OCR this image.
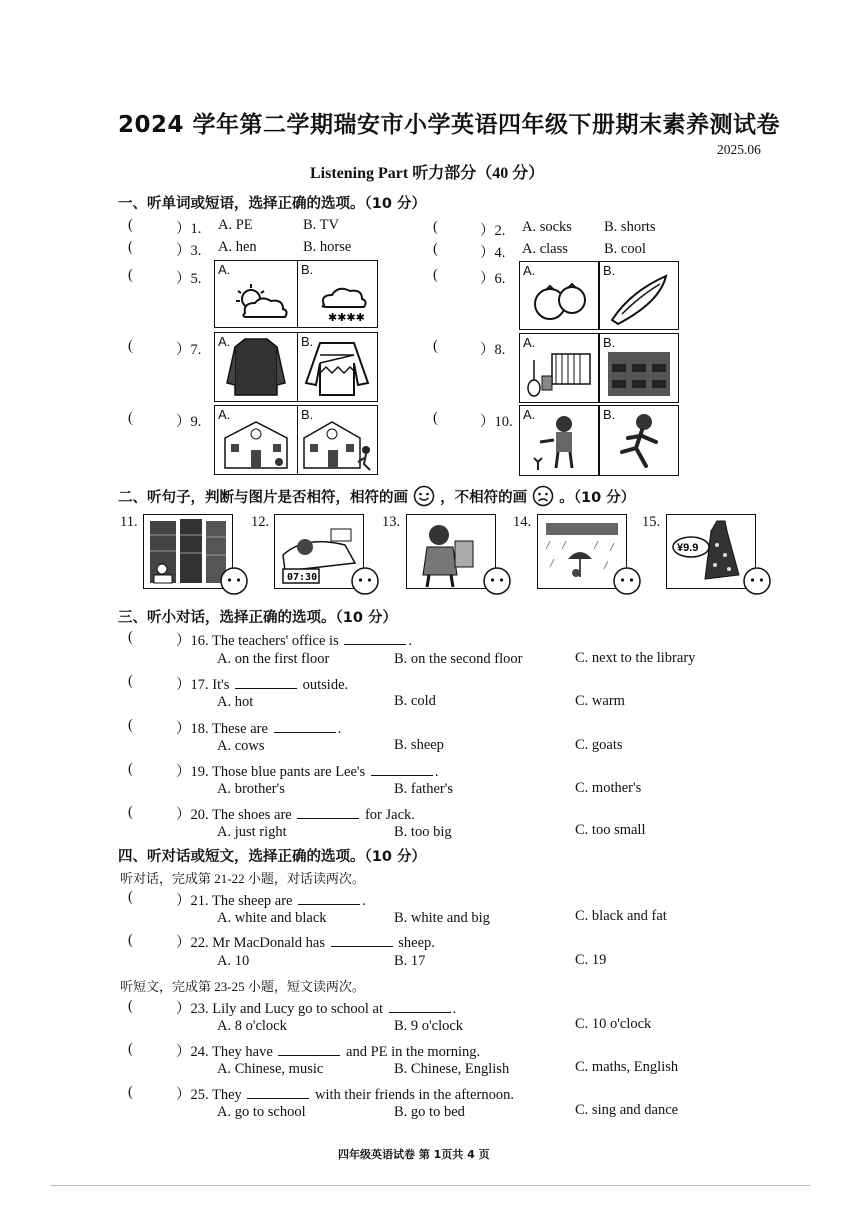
2024 学年第二学期瑞安市小学英语四年级下册期末素养测试卷
2025.06
Listening Part 听力部分（40 分）
一、听单词或短语，选择正确的选项。（10 分）
(	）1. A. PE	B. TV	(	）2. A. socks B. shorts
(	）3. A. hen	B. horse	(	）4. A. class B. cool
(	）5.
A.	B.
✱✱✱✱
(	）6.
A.	B.
(	）7.
A.	B.	(	）8. A.	B.
(	）9. A.	B.	(	）10. A.	B.
二、听句子，判断与图片是否相符，相符的画 ，不相符的画 。（10 分）
11.	12.
07:30
13.	14.	15.
¥9.9
三、听小对话，选择正确的选项。（10 分）
(	）16. The teachers' office is	.
A. on the first floor	B. on the second floor	C. next to the library
(	）17. It's	outside.
A. hot	B. cold	C. warm
(	）18. These are	.
A. cows	B. sheep	C. goats
(	）19. Those blue pants are Lee's	.
A. brother's	B. father's	C. mother's
(	）20. The shoes are	for Jack.
A. just right	B. too big	C. too small
四、听对话或短文，选择正确的选项。（10 分）
听对话，完成第 21-22 小题，对话读两次。
(	）21. The sheep are	.
A. white and black	B. white and big	C. black and fat
(	）22. Mr MacDonald has	sheep.
A. 10	B. 17	C. 19
听短文，完成第 23-25 小题，短文读两次。
(	）23. Lily and Lucy go to school at	.
A. 8 o'clock	B. 9 o'clock	C. 10 o'clock
(	）24. They have	and PE in the morning.
A. Chinese, music	B. Chinese, English	C. maths, English
(	）25. They	with their friends in the afternoon.
A. go to school	B. go to bed	C. sing and dance
四年级英语试卷 第 1页共 4 页
